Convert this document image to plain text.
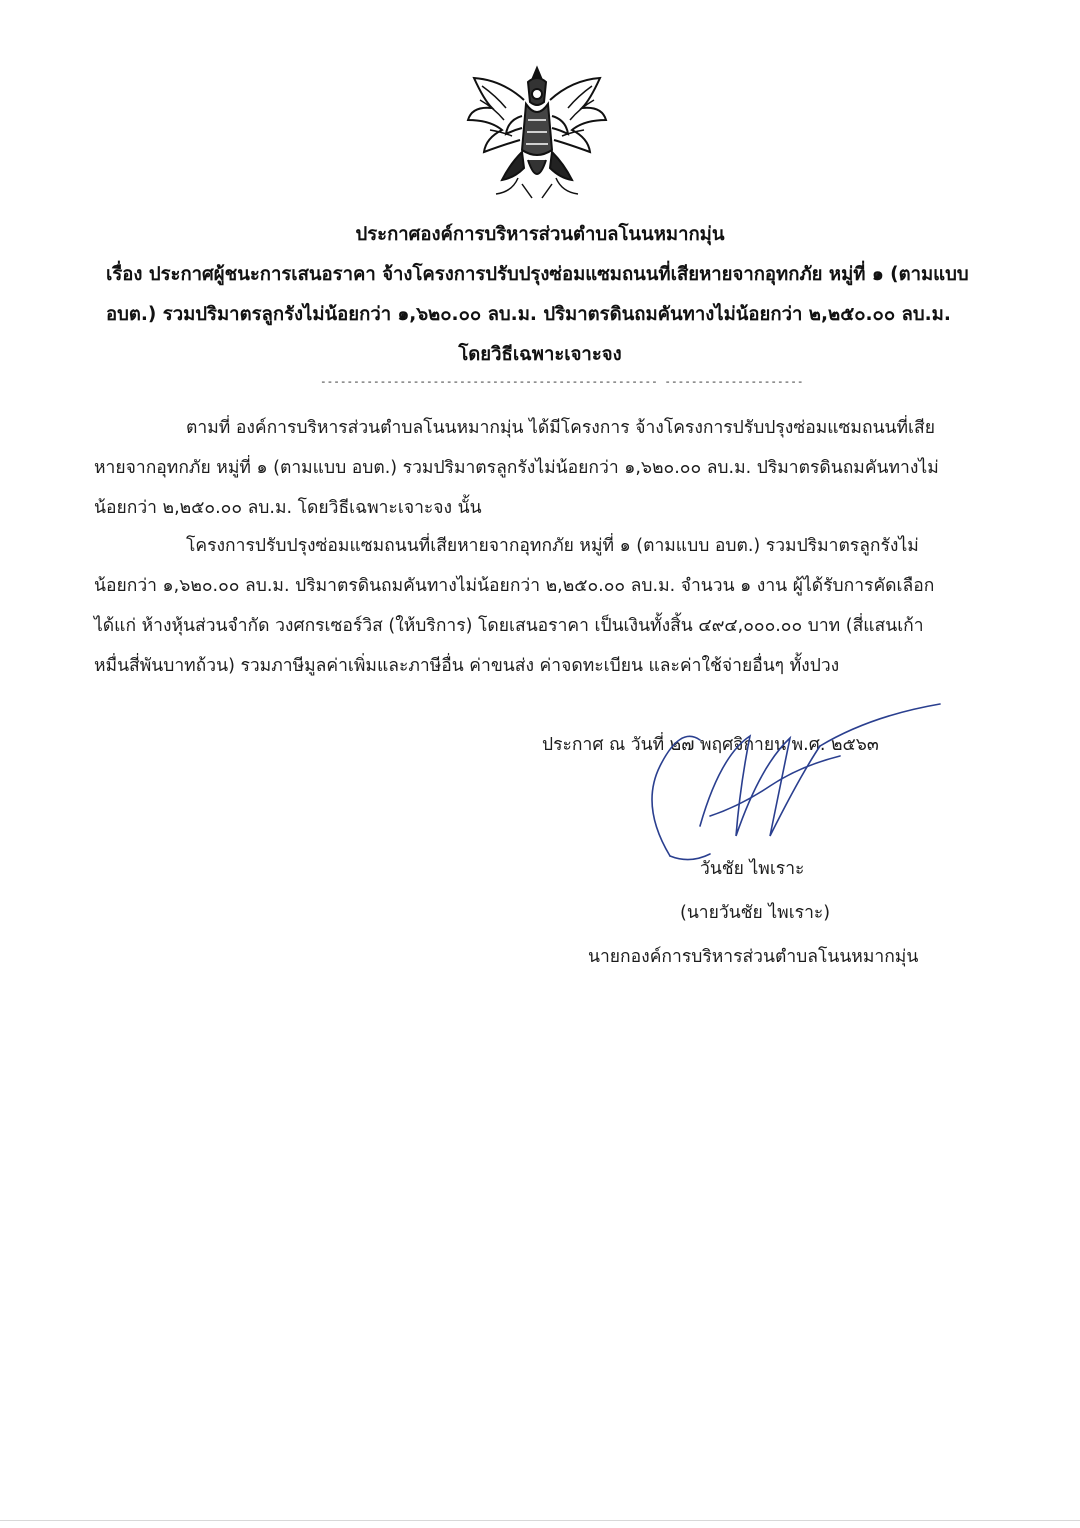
ประกาศองค์การบริหารส่วนตำบลโนนหมากมุ่น
เรื่อง ประกาศผู้ชนะการเสนอราคา จ้างโครงการปรับปรุงซ่อมแซมถนนที่เสียหายจากอุทกภัย หมู่ที่ ๑ (ตามแบบ
อบต.) รวมปริมาตรลูกรังไม่น้อยกว่า ๑,๖๒๐.๐๐ ลบ.ม. ปริมาตรดินถมคันทางไม่น้อยกว่า ๒,๒๕๐.๐๐ ลบ.ม.
โดยวิธีเฉพาะเจาะจง
--------------------------------------------------- ---------------------
ตามที่ องค์การบริหารส่วนตำบลโนนหมากมุ่น ได้มีโครงการ จ้างโครงการปรับปรุงซ่อมแซมถนนที่เสีย
หายจากอุทกภัย หมู่ที่ ๑ (ตามแบบ อบต.) รวมปริมาตรลูกรังไม่น้อยกว่า ๑,๖๒๐.๐๐ ลบ.ม. ปริมาตรดินถมคันทางไม่
น้อยกว่า ๒,๒๕๐.๐๐ ลบ.ม. โดยวิธีเฉพาะเจาะจง นั้น
โครงการปรับปรุงซ่อมแซมถนนที่เสียหายจากอุทกภัย หมู่ที่ ๑ (ตามแบบ อบต.) รวมปริมาตรลูกรังไม่
น้อยกว่า ๑,๖๒๐.๐๐ ลบ.ม. ปริมาตรดินถมคันทางไม่น้อยกว่า ๒,๒๕๐.๐๐ ลบ.ม. จำนวน ๑ งาน ผู้ได้รับการคัดเลือก
ได้แก่ ห้างหุ้นส่วนจำกัด วงศกรเซอร์วิส (ให้บริการ) โดยเสนอราคา เป็นเงินทั้งสิ้น ๔๙๔,๐๐๐.๐๐ บาท (สี่แสนเก้า
หมื่นสี่พันบาทถ้วน) รวมภาษีมูลค่าเพิ่มและภาษีอื่น ค่าขนส่ง ค่าจดทะเบียน และค่าใช้จ่ายอื่นๆ ทั้งปวง
ประกาศ ณ วันที่ ๒๗ พฤศจิกายน พ.ศ. ๒๕๖๓
วันชัย ไพเราะ
(นายวันชัย ไพเราะ)
นายกองค์การบริหารส่วนตำบลโนนหมากมุ่น
